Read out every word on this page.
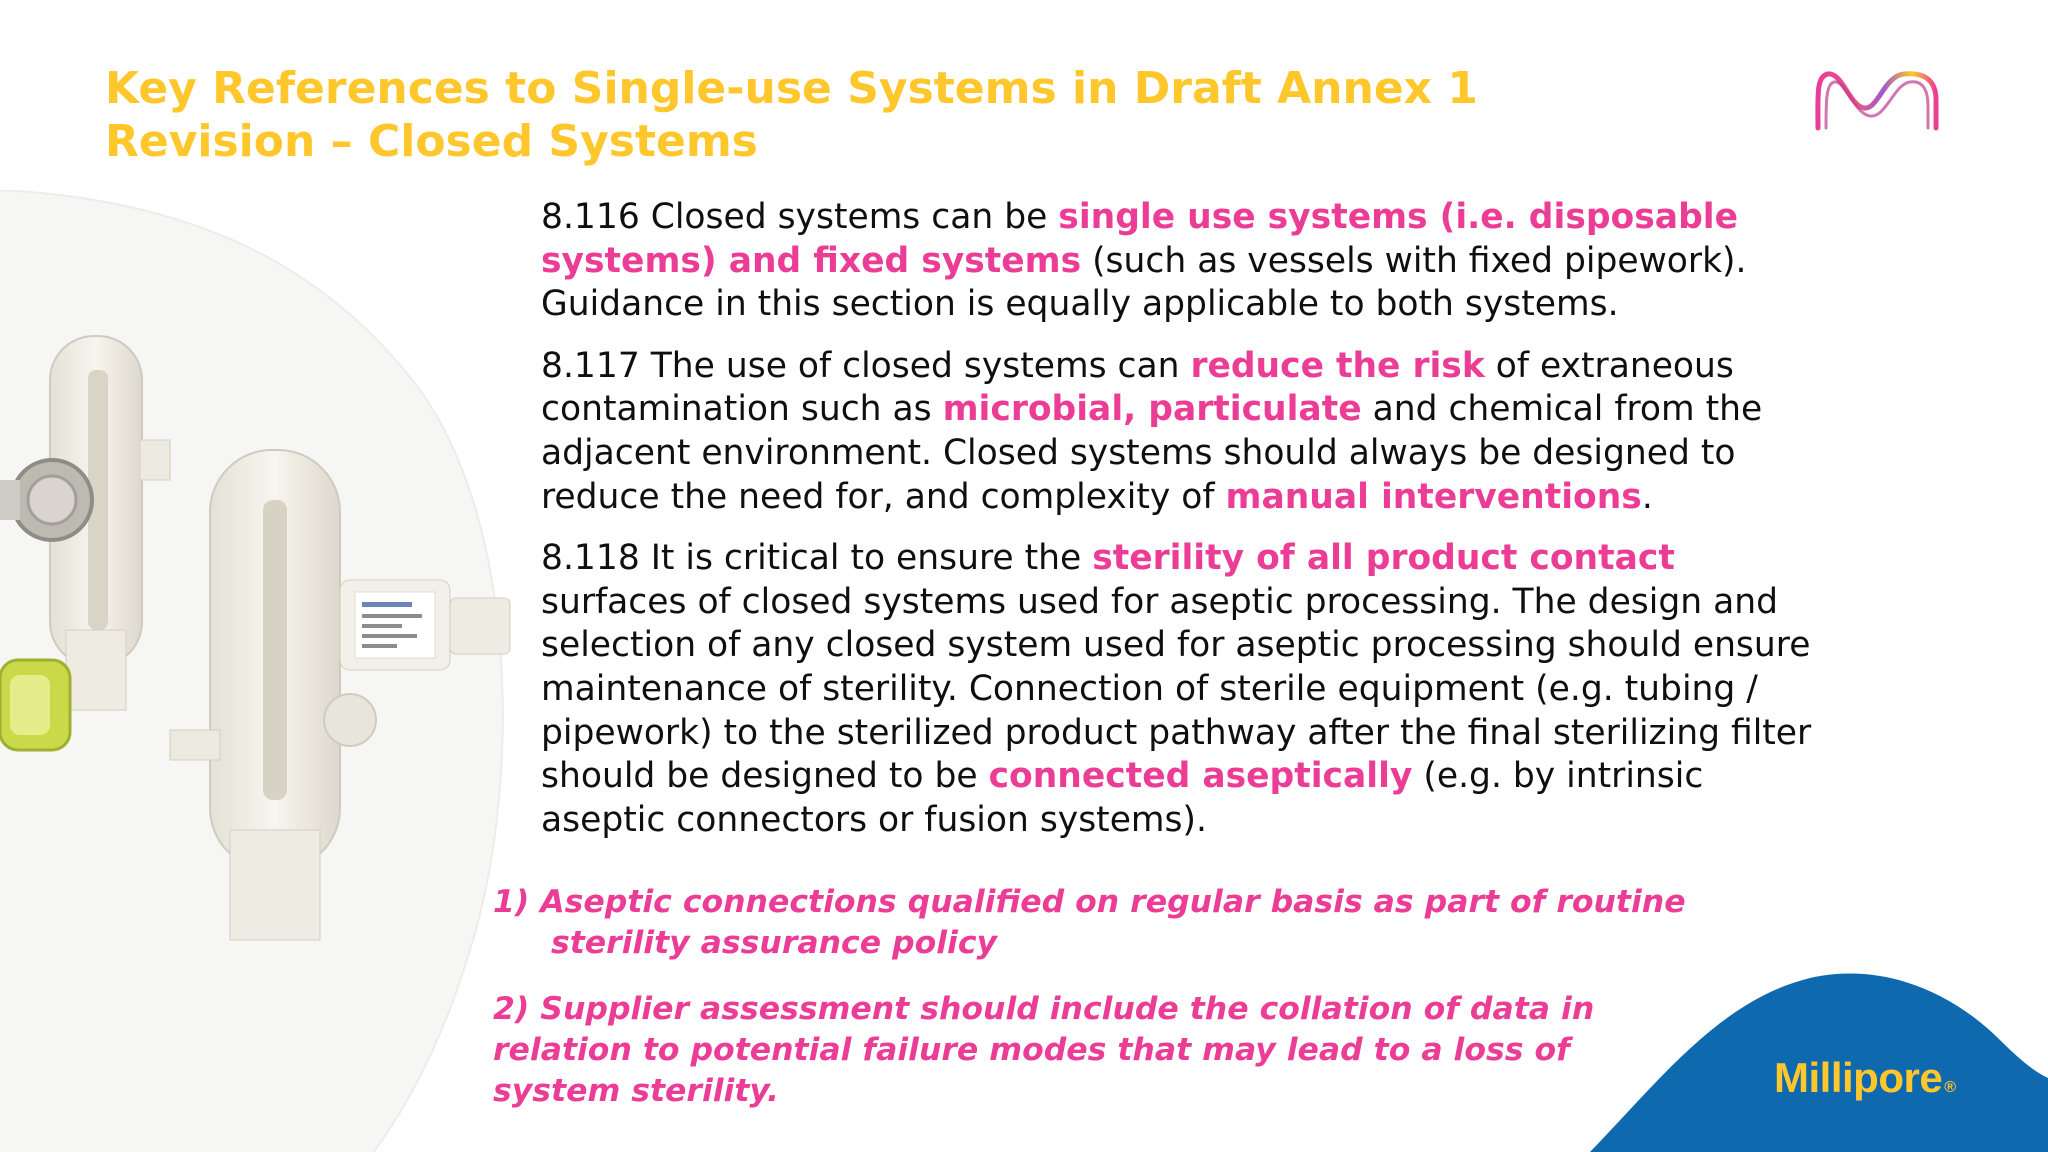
Key References to Single-use Systems in Draft Annex 1
Revision – Closed Systems

8.116 Closed systems can be single use systems (i.e. disposable
systems) and fixed systems (such as vessels with fixed pipework).
Guidance in this section is equally applicable to both systems.

8.117 The use of closed systems can reduce the risk of extraneous
contamination such as microbial, particulate and chemical from the
adjacent environment. Closed systems should always be designed to
reduce the need for, and complexity of manual interventions.

8.118 It is critical to ensure the sterility of all product contact
surfaces of closed systems used for aseptic processing. The design and
selection of any closed system used for aseptic processing should ensure
maintenance of sterility. Connection of sterile equipment (e.g. tubing /
pipework) to the sterilized product pathway after the final sterilizing filter
should be designed to be connected aseptically (e.g. by intrinsic
aseptic connectors or fusion systems).

1) Aseptic connections qualified on regular basis as part of routine
sterility assurance policy
2) Supplier assessment should include the collation of data in
relation to potential failure modes that may lead to a loss of
system sterility.	Millipore ®
